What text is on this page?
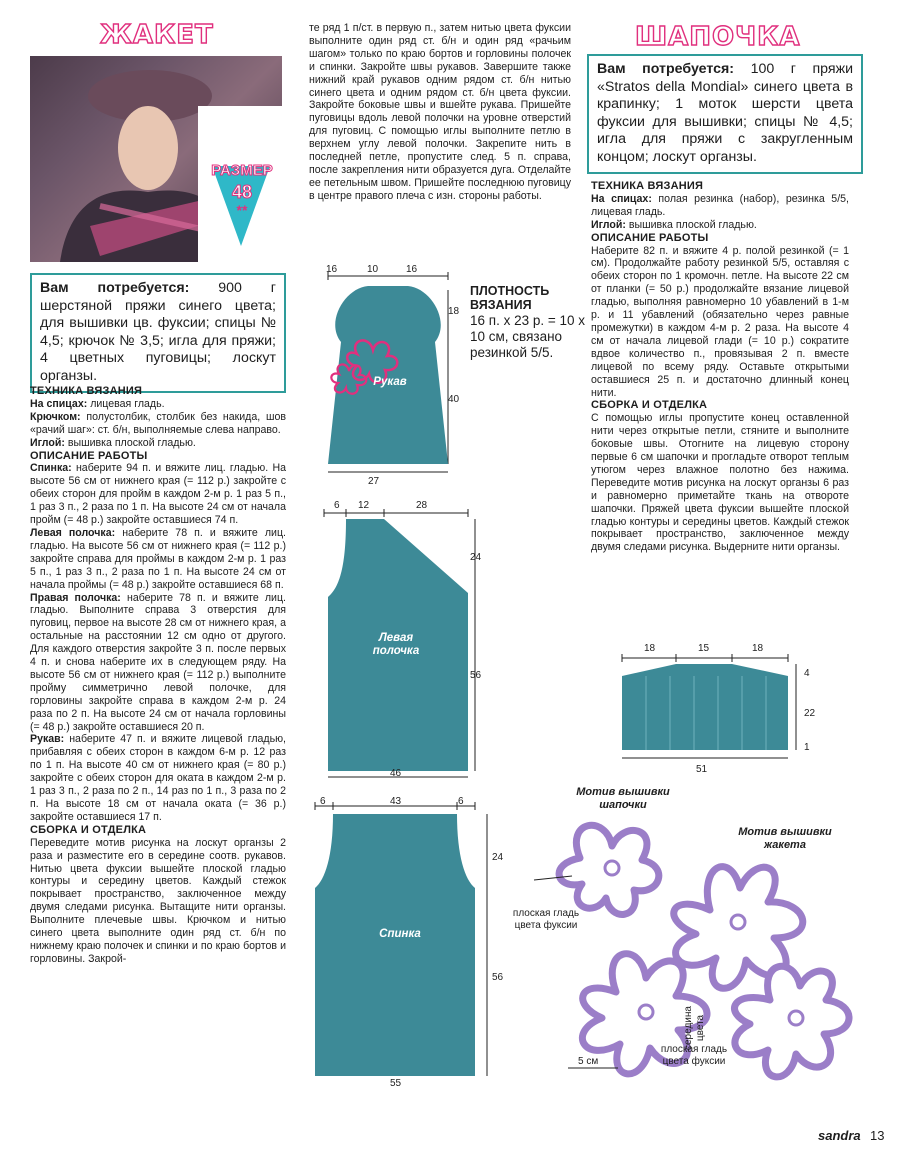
ЖАКЕТ
РАЗМЕР
48
**
Вам потребуется: 900 г шерстяной пряжи синего цвета; для вышивки цв. фуксии; спицы № 4,5; крючок № 3,5; игла для пряжи; 4 цветных пуговицы; лоскут органзы.

ТЕХНИКА ВЯЗАНИЯ

На спицах: лицевая гладь.

Крючком: полустолбик, столбик без накида, шов «рачий шаг»: ст. б/н, выполняемые слева направо.

Иглой: вышивка плоской гладью.

ОПИСАНИЕ РАБОТЫ

Спинка: наберите 94 п. и вяжите лиц. гладью. На высоте 56 см от нижнего края (= 112 р.) закройте с обеих сторон для пройм в каждом 2-м р. 1 раз 5 п., 1 раз 3 п., 2 раза по 1 п. На высоте 24 см от начала пройм (= 48 р.) закройте оставшиеся 74 п.

Левая полочка: наберите 78 п. и вяжите лиц. гладью. На высоте 56 см от нижнего края (= 112 р.) закройте справа для проймы в каждом 2-м р. 1 раз 5 п., 1 раз 3 п., 2 раза по 1 п. На высоте 24 см от начала проймы (= 48 р.) закройте оставшиеся 68 п.

Правая полочка: наберите 78 п. и вяжите лиц. гладью. Выполните справа 3 отверстия для пуговиц, первое на высоте 28 см от нижнего края, а остальные на расстоянии 12 см одно от другого. Для каждого отверстия закройте 3 п. после первых 4 п. и снова наберите их в следующем ряду. На высоте 56 см от нижнего края (= 112 р.) выполните пройму симметрично левой полочке, для горловины закройте справа в каждом 2-м р. 24 раза по 2 п. На высоте 24 см от начала горловины (= 48 р.) закройте оставшиеся 20 п.

Рукав: наберите 47 п. и вяжите лицевой гладью, прибавляя с обеих сторон в каждом 6-м р. 12 раз по 1 п. На высоте 40 см от нижнего края (= 80 р.) закройте с обеих сторон для оката в каждом 2-м р. 1 раз 3 п., 2 раза по 2 п., 14 раз по 1 п., 3 раза по 2 п. На высоте 18 см от начала оката (= 36 р.) закройте оставшиеся 17 п.

СБОРКА И ОТДЕЛКА

Переведите мотив рисунка на лоскут органзы 2 раза и разместите его в середине соотв. рукавов. Нитью цвета фуксии вышейте плоской гладью контуры и середину цветов. Каждый стежок покрывает пространство, заключенное между двумя следами рисунка. Вытащите нити органзы. Выполните плечевые швы. Крючком и нитью синего цвета выполните один ряд ст. б/н по нижнему краю полочек и спинки и по краю бортов и горловины. Закрой-

те ряд 1 п/ст. в первую п., затем нитью цвета фуксии выполните один ряд ст. б/н и один ряд «рачьим шагом» только по краю бортов и горловины полочек и спинки. Закройте швы рукавов. Завершите также нижний край рукавов одним рядом ст. б/н нитью синего цвета и одним рядом ст. б/н цвета фуксии. Закройте боковые швы и вшейте рукава. Пришейте пуговицы вдоль левой полочки на уровне отверстий для пуговиц. С помощью иглы выполните петлю в верхнем углу левой полочки. Закрепите нить в последней петле, пропустите след. 5 п. справа, после закрепления нити образуется дуга. Отделайте ее петельным швом. Пришейте последнюю пуговицу в центре правого плеча с изн. стороны работы.

ПЛОТНОСТЬ ВЯЗАНИЯ
16 п. х 23 р. = 10 х 10 см, связано резинкой 5/5.
16	10	16
18
40
27
Рукав
6 12	28
24
56
46
Левая полочка
6	43	6
24
56
55
Спинка
ШАПОЧКА
Вам потребуется: 100 г пряжи «Stratos della Mondial» синего цвета в крапинку; 1 моток шерсти цвета фуксии для вышивки; спицы № 4,5; игла для пряжи с закругленным концом; лоскут органзы.

ТЕХНИКА ВЯЗАНИЯ

На спицах: полая резинка (набор), резинка 5/5, лицевая гладь.

Иглой: вышивка плоской гладью.

ОПИСАНИЕ РАБОТЫ

Наберите 82 п. и вяжите 4 р. полой резинкой (= 1 см). Продолжайте работу резинкой 5/5, оставляя с обеих сторон по 1 кромочн. петле. На высоте 22 см от планки (= 50 р.) продолжайте вязание лицевой гладью, выполняя равномерно 10 убавлений в 1-м р. и 11 убавлений (обязательно через равные промежутки) в каждом 4-м р. 2 раза. На высоте 4 см от начала лицевой глади (= 10 р.) сократите вдвое количество п., провязывая 2 п. вместе лицевой по всему ряду. Оставьте открытыми оставшиеся 25 п. и достаточно длинный конец нити.

СБОРКА И ОТДЕЛКА

С помощью иглы пропустите конец оставленной нити через открытые петли, стяните и выполните боковые швы. Отогните на лицевую сторону первые 6 см шапочки и прогладьте отворот теплым утюгом через влажное полотно без нажима. Переведите мотив рисунка на лоскут органзы 6 раз и равномерно приметайте ткань на отвороте шапочки. Пряжей цвета фуксии вышейте плоской гладью контуры и середины цветов. Каждый стежок покрывает пространство, заключенное между двумя следами рисунка. Выдерните нити органзы.

18	15	18
4
22
1
51
Мотив вышивки шапочки
Мотив вышивки жакета
плоская гладь цвета фуксии
середина цвета
плоская гладь цвета фуксии
5 см
sandra 13
